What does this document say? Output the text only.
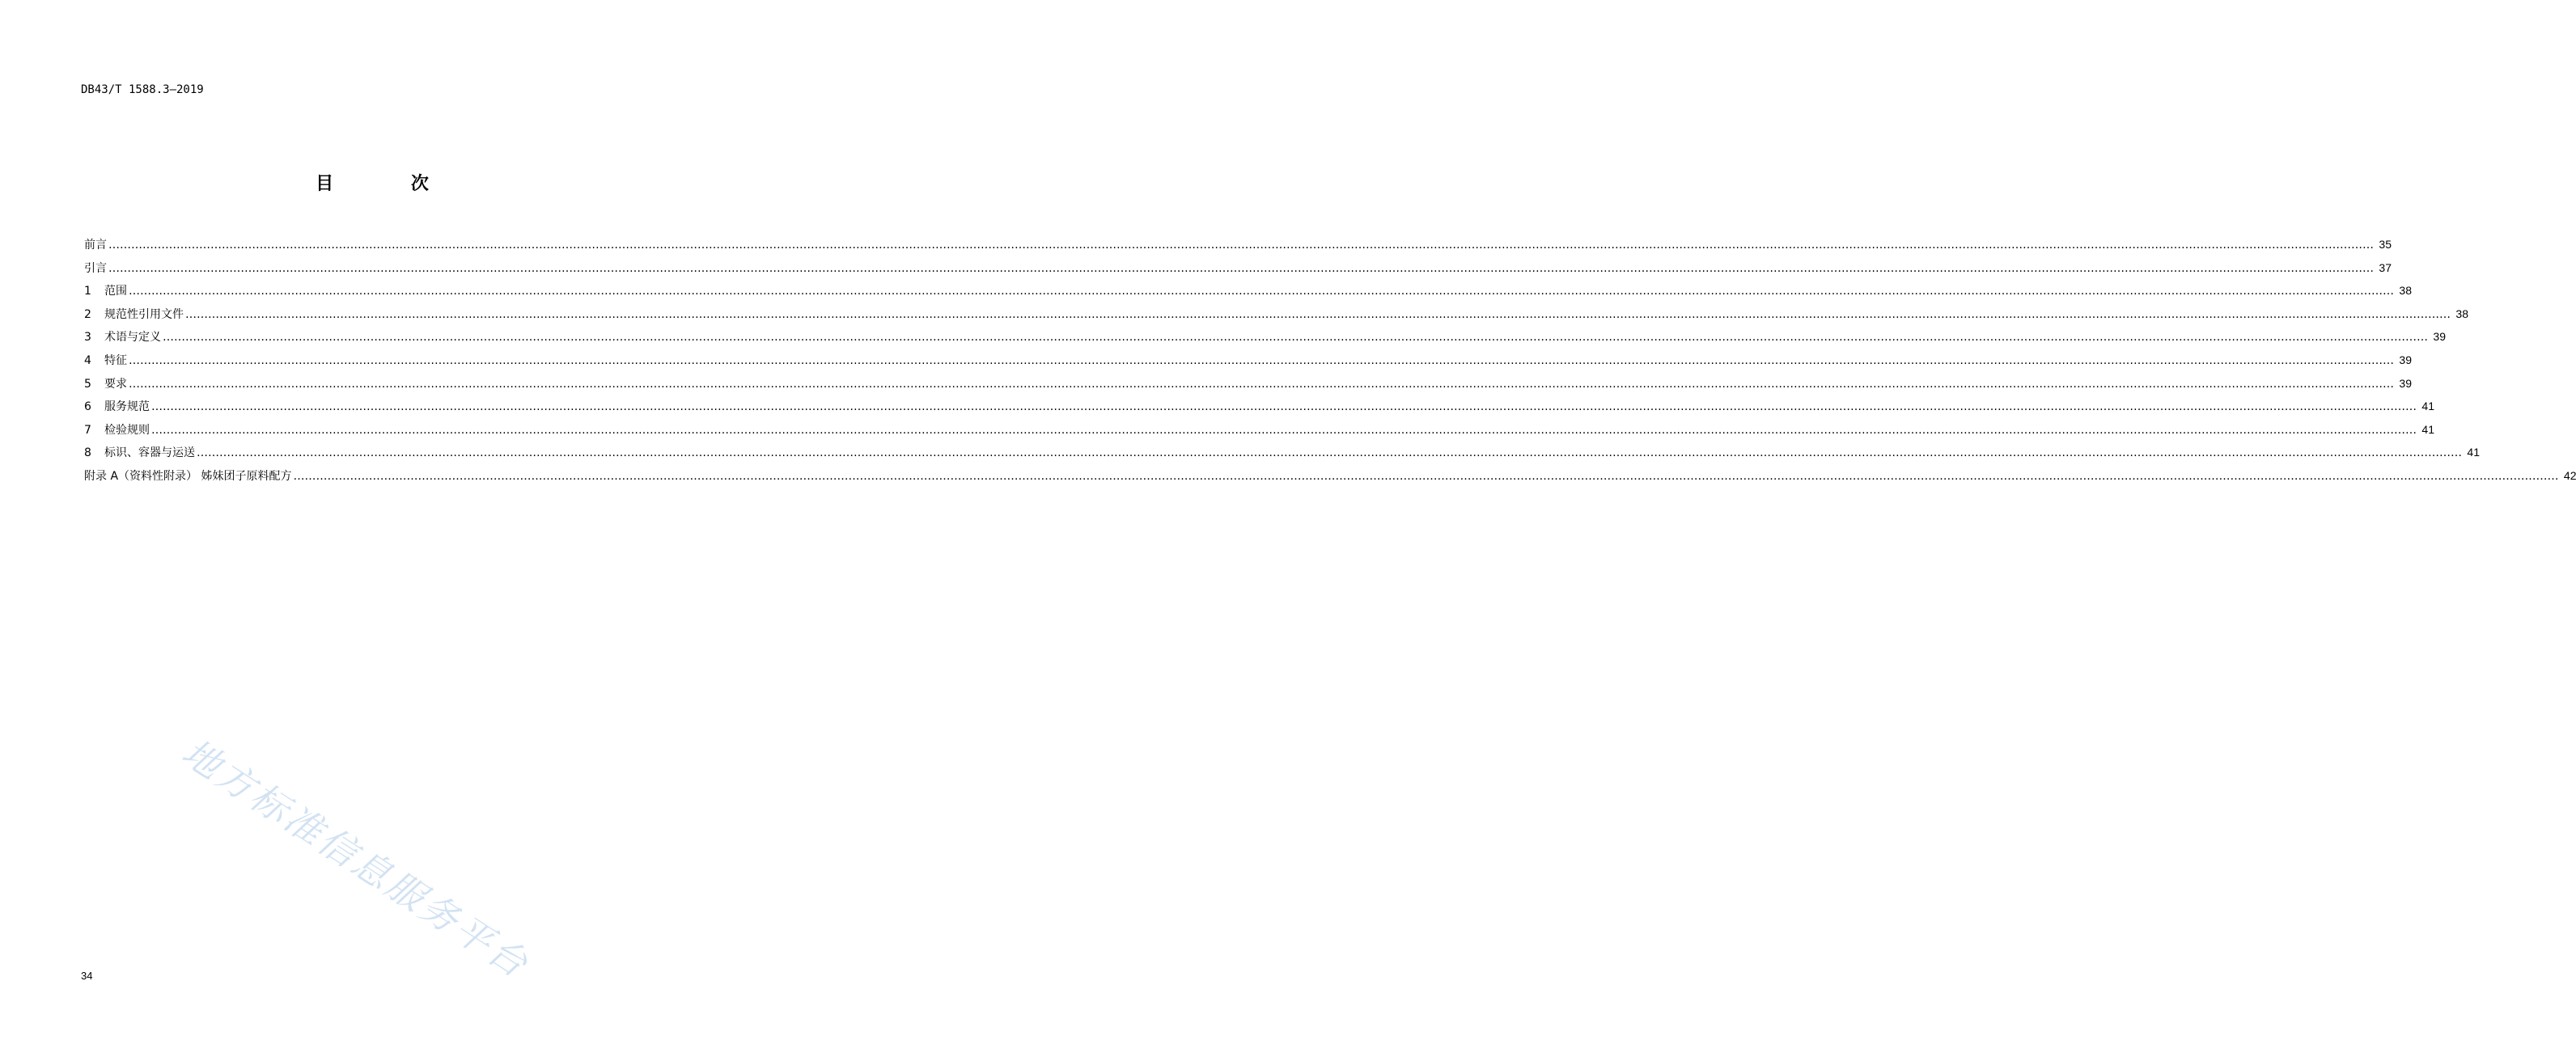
DB43/T 1588.3—2019
目 次
前言 …………………………………………………………………………………………………………………………………………………………………………………………………………………………………………………………………………………………………………………………………………………………………………………………………………………………………………………………………………………………………………………………………………………… 35
引言 …………………………………………………………………………………………………………………………………………………………………………………………………………………………………………………………………………………………………………………………………………………………………………………………………………………………………………………………………………………………………………………………………………………… 37
1	范围 …………………………………………………………………………………………………………………………………………………………………………………………………………………………………………………………………………………………………………………………………………………………………………………………………………………………………………………………………………………………………………………………………………………… 38
2	规范性引用文件 …………………………………………………………………………………………………………………………………………………………………………………………………………………………………………………………………………………………………………………………………………………………………………………………………………………………………………………………………………………………………………………………………………………… 38
3	术语与定义 …………………………………………………………………………………………………………………………………………………………………………………………………………………………………………………………………………………………………………………………………………………………………………………………………………………………………………………………………………………………………………………………………………………… 39
4	特征 …………………………………………………………………………………………………………………………………………………………………………………………………………………………………………………………………………………………………………………………………………………………………………………………………………………………………………………………………………………………………………………………………………………… 39
5	要求 …………………………………………………………………………………………………………………………………………………………………………………………………………………………………………………………………………………………………………………………………………………………………………………………………………………………………………………………………………………………………………………………………………………… 39
6	服务规范 …………………………………………………………………………………………………………………………………………………………………………………………………………………………………………………………………………………………………………………………………………………………………………………………………………………………………………………………………………………………………………………………………………………… 41
7	检验规则 …………………………………………………………………………………………………………………………………………………………………………………………………………………………………………………………………………………………………………………………………………………………………………………………………………………………………………………………………………………………………………………………………………………… 41
8	标识、容器与运送 …………………………………………………………………………………………………………………………………………………………………………………………………………………………………………………………………………………………………………………………………………………………………………………………………………………………………………………………………………………………………………………………………………………… 41
附录 A（资料性附录） 姊妹团子原料配方 …………………………………………………………………………………………………………………………………………………………………………………………………………………………………………………………………………………………………………………………………………………………………………………………………………………………………………………………………………………………………………………………………………………… 42
地方标准信息服务平台
34
